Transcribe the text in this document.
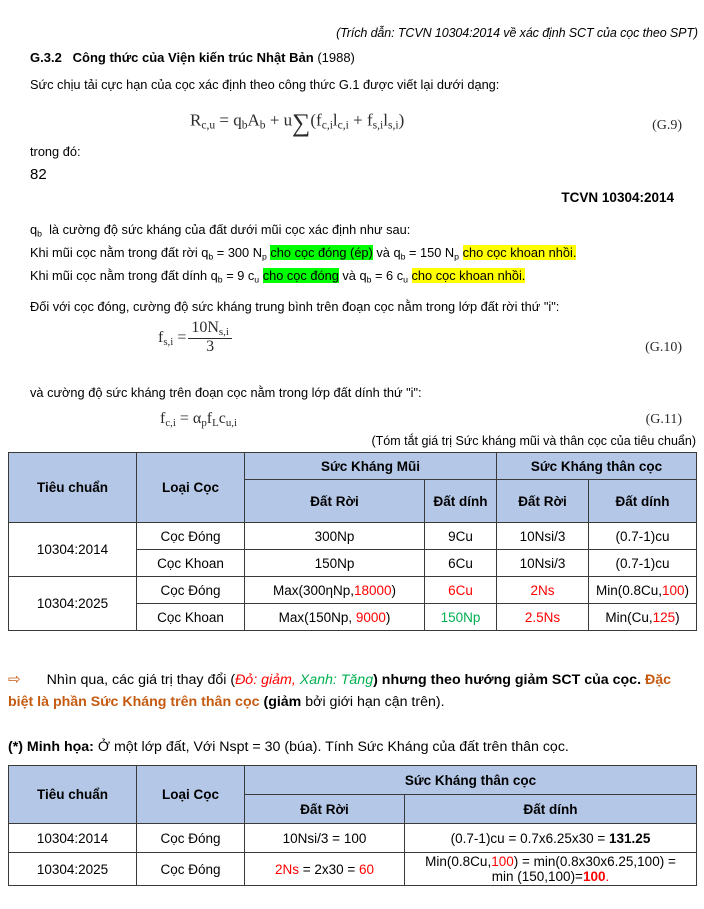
(Trích dẫn: TCVN 10304:2014 về xác định SCT của cọc theo SPT)
G.3.2 Công thức của Viện kiến trúc Nhật Bản (1988)
Sức chịu tải cực hạn của cọc xác định theo công thức G.1 được viết lại dưới dạng:
$R_{c,u} = q_bA_b + u\sum(f_{c,i}l_{c,i} + f_{s,i}l_{s,i})$	(G.9)
trong đó:
82
TCVN 10304:2014
$q_b$ là cường độ sức kháng của đất dưới mũi cọc xác định như sau:
Khi mũi cọc nằm trong đất rời $q_b = 300$ $N_p$ cho cọc đóng (ép) và $q_b = 150$ $N_p$ cho cọc khoan nhồi.
Khi mũi cọc nằm trong đất dính $q_b = 9$ $c_u$ cho cọc đóng và $q_b = 6$ $c_u$ cho cọc khoan nhồi.
Đối với cọc đóng, cường độ sức kháng trung bình trên đoạn cọc nằm trong lớp đất rời thứ "i":
$f_{s,i} = \frac{10N_{s,i}}{3}$	(G.10)
và cường độ sức kháng trên đoạn cọc nằm trong lớp đất dính thứ "i":
$f_{c,i} = \alpha_pf_Lc_{u,i}$	(G.11)
(Tóm tắt giá trị Sức kháng mũi và thân cọc của tiêu chuẩn)
Tiêu chuẩn	Loại Cọc	Sức Kháng Mũi		Sức Kháng thân cọc	
		Đất Rời	Đất dính	Đất Rời	Đất dính
10304:2014	Cọc Đóng	300Np	9Cu	10Nsi/3	(0.7-1)cu
	Cọc Khoan	150Np	6Cu	10Nsi/3	(0.7-1)cu
10304:2025	Cọc Đóng	Max(300ηNp,18000)	6Cu	2Ns	Min(0.8Cu,100)
	Cọc Khoan	Max(150Np, 9000)	150Np	2.5Ns	Min(Cu,125)
⇨ Nhìn qua, các giá trị thay đổi (Đỏ: giảm, Xanh: Tăng) nhưng theo hướng giảm SCT của cọc. Đặc biệt là phần Sức Kháng trên thân cọc (giảm bởi giới hạn cận trên).
(*) Minh họa: Ở một lớp đất, Với Nspt = 30 (búa). Tính Sức Kháng của đất trên thân cọc.
Tiêu chuẩn	Loại Cọc	Sức Kháng thân cọc	
		Đất Rời	Đất dính
10304:2014	Cọc Đóng	10Nsi/3 = 100	(0.7-1)cu = 0.7x6.25x30 = 131.25
10304:2025	Cọc Đóng	2Ns = 2x30 = 60	Min(0.8Cu,100) = min(0.8x30x6.25,100) =
min (150,100)=100.
